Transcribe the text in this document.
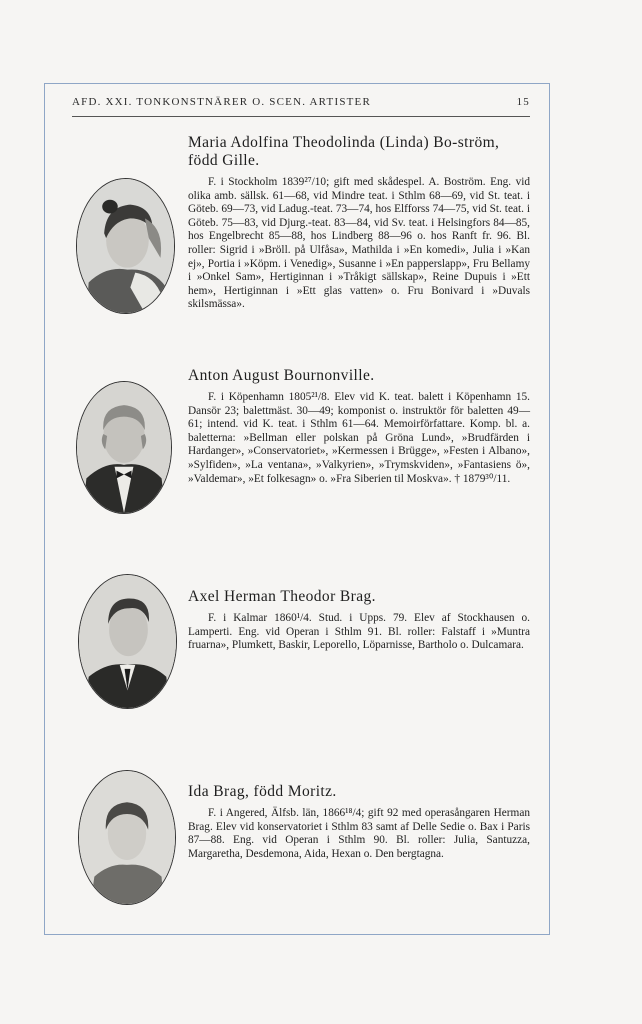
AFD. XXI. TONKONSTNÄRER O. SCEN. ARTISTER	15
Maria Adolfina Theodolinda (Linda) Bo-ström, född Gille.

F. i Stockholm 1839²⁷/10; gift med skådespel. A. Boström. Eng. vid olika amb. sällsk. 61—68, vid Mindre teat. i Sthlm 68—69, vid St. teat. i Göteb. 69—73, vid Ladug.-teat. 73—74, hos Elfforss 74—75, vid St. teat. i Göteb. 75—83, vid Djurg.-teat. 83—84, vid Sv. teat. i Helsingfors 84—85, hos Engelbrecht 85—88, hos Lindberg 88—96 o. hos Ranft fr. 96. Bl. roller: Sigrid i »Bröll. på Ulfåsa», Mathilda i »En komedi», Julia i »Kan ej», Portia i »Köpm. i Venedig», Susanne i »En papperslapp», Fru Bellamy i »Onkel Sam», Hertiginnan i »Tråkigt sällskap», Reine Dupuis i »Ett hem», Hertiginnan i »Ett glas vatten» o. Fru Bonivard i »Duvals skilsmässa».

Anton August Bournonville.

F. i Köpenhamn 1805²¹/8. Elev vid K. teat. balett i Köpenhamn 15. Dansör 23; balettmäst. 30—49; komponist o. instruktör för baletten 49—61; intend. vid K. teat. i Sthlm 61—64. Memoirförfattare. Komp. bl. a. baletterna: »Bellman eller polskan på Gröna Lund», »Brudfärden i Hardanger», »Conservatoriet», »Kermessen i Brügge», »Festen i Albano», »Sylfiden», »La ventana», »Valkyrien», »Trymskviden», »Fantasiens ö», »Valdemar», »Et folkesagn» o. »Fra Siberien til Moskva». † 1879³⁰/11.

Axel Herman Theodor Brag.

F. i Kalmar 1860¹/4. Stud. i Upps. 79. Elev af Stockhausen o. Lamperti. Eng. vid Operan i Sthlm 91. Bl. roller: Falstaff i »Muntra fruarna», Plumkett, Baskir, Leporello, Löparnisse, Bartholo o. Dulcamara.

Ida Brag, född Moritz.

F. i Angered, Älfsb. län, 1866¹⁸/4; gift 92 med operasångaren Herman Brag. Elev vid konservatoriet i Sthlm 83 samt af Delle Sedie o. Bax i Paris 87—88. Eng. vid Operan i Sthlm 90. Bl. roller: Julia, Santuzza, Margaretha, Desdemona, Aida, Hexan o. Den bergtagna.
